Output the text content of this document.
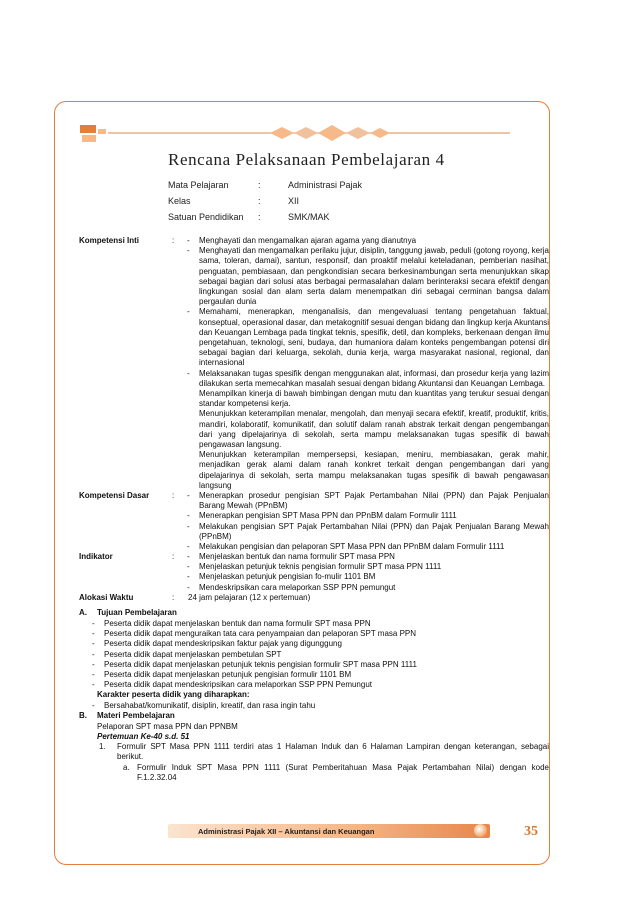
Rencana Pelaksanaan Pembelajaran 4
Mata Pelajaran	:	Administrasi Pajak
Kelas	:	XII
Satuan Pendidikan :	SMK/MAK
Kompetensi Inti	: - Menghayati dan mengamalkan ajaran agama yang dianutnya
- Menghayati dan mengamalkan perilaku jujur, disiplin, tanggung jawab, peduli (gotong royong, kerja sama, toleran, damai), santun, responsif, dan proaktif melalui keteladanan, pemberian nasihat, penguatan, pembiasaan, dan pengkondisian secara berkesinambungan serta menunjukkan sikap sebagai bagian dari solusi atas berbagai permasalahan dalam berinteraksi secara efektif dengan lingkungan sosial dan alam serta dalam menempatkan diri sebagai cerminan bangsa dalam pergaulan dunia
- Memahami, menerapkan, menganalisis, dan mengevaluasi tentang pengetahuan faktual, konseptual, operasional dasar, dan metakognitif sesuai dengan bidang dan lingkup kerja Akuntansi dan Keuangan Lembaga pada tingkat teknis, spesifik, detil, dan kompleks, berkenaan dengan ilmu pengetahuan, teknologi, seni, budaya, dan humaniora dalam konteks pengembangan potensi diri sebagai bagian dari keluarga, sekolah, dunia kerja, warga masyarakat nasional, regional, dan internasional
- Melaksanakan tugas spesifik dengan menggunakan alat, informasi, dan prosedur kerja yang lazim dilakukan serta memecahkan masalah sesuai dengan bidang Akuntansi dan Keuangan Lembaga.
Menampilkan kinerja di bawah bimbingan dengan mutu dan kuantitas yang terukur sesuai dengan standar kompetensi kerja.
Menunjukkan keterampilan menalar, mengolah, dan menyaji secara efektif, kreatif, produktif, kritis, mandiri, kolaboratif, komunikatif, dan solutif dalam ranah abstrak terkait dengan pengembangan dari yang dipelajarinya di sekolah, serta mampu melaksanakan tugas spesifik di bawah pengawasan langsung.
Menunjukkan keterampilan mempersepsi, kesiapan, meniru, membiasakan, gerak mahir, menjadikan gerak alami dalam ranah konkret terkait dengan pengembangan dari yang dipelajarinya di sekolah, serta mampu melaksanakan tugas spesifik di bawah pengawasan langsung
Kompetensi Dasar	: - Menerapkan prosedur pengisian SPT Pajak Pertambahan Nilai (PPN) dan Pajak Penjualan Barang Mewah (PPnBM)
- Menerapkan pengisian SPT Masa PPN dan PPnBM dalam Formulir 1111
- Melakukan pengisian SPT Pajak Pertambahan Nilai (PPN) dan Pajak Penjualan Barang Mewah (PPnBM)
- Melakukan pengisian dan pelaporan SPT Masa PPN dan PPnBM dalam Formulir 1111
Indikator	: - Menjelaskan bentuk dan nama formulir SPT masa PPN
- Menjelaskan petunjuk teknis pengisian formulir SPT masa PPN 1111
- Menjelaskan petunjuk pengisian fo-mulir 1101 BM
- Mendeskripsikan cara melaporkan SSP PPN pemungut
Alokasi Waktu	: 24 jam pelajaran (12 x pertemuan)
A. Tujuan Pembelajaran
- Peserta didik dapat menjelaskan bentuk dan nama formulir SPT masa PPN
- Peserta didik dapat menguraikan tata cara penyampaian dan pelaporan SPT masa PPN
- Peserta didik dapat mendeskripsikan faktur pajak yang digunggung
- Peserta didik dapat menjelaskan pembetulan SPT
- Peserta didik dapat menjelaskan petunjuk teknis pengisian formulir SPT masa PPN 1111
- Peserta didik dapat menjelaskan petunjuk pengisian formulir 1101 BM
- Peserta didik dapat mendeskripsikan cara melaporkan SSP PPN Pemungut
Karakter peserta didik yang diharapkan:
- Bersahabat/komunikatif, disiplin, kreatif, dan rasa ingin tahu
B. Materi Pembelajaran
Pelaporan SPT masa PPN dan PPNBM
Pertemuan Ke-40 s.d. 51
1. Formulir SPT Masa PPN 1111 terdiri atas 1 Halaman Induk dan 6 Halaman Lampiran dengan keterangan, sebagai berikut.
a. Formulir Induk SPT Masa PPN 1111 (Surat Pemberitahuan Masa Pajak Pertambahan Nilai) dengan kode F.1.2.32.04
Administrasi Pajak XII – Akuntansi dan Keuangan	35
